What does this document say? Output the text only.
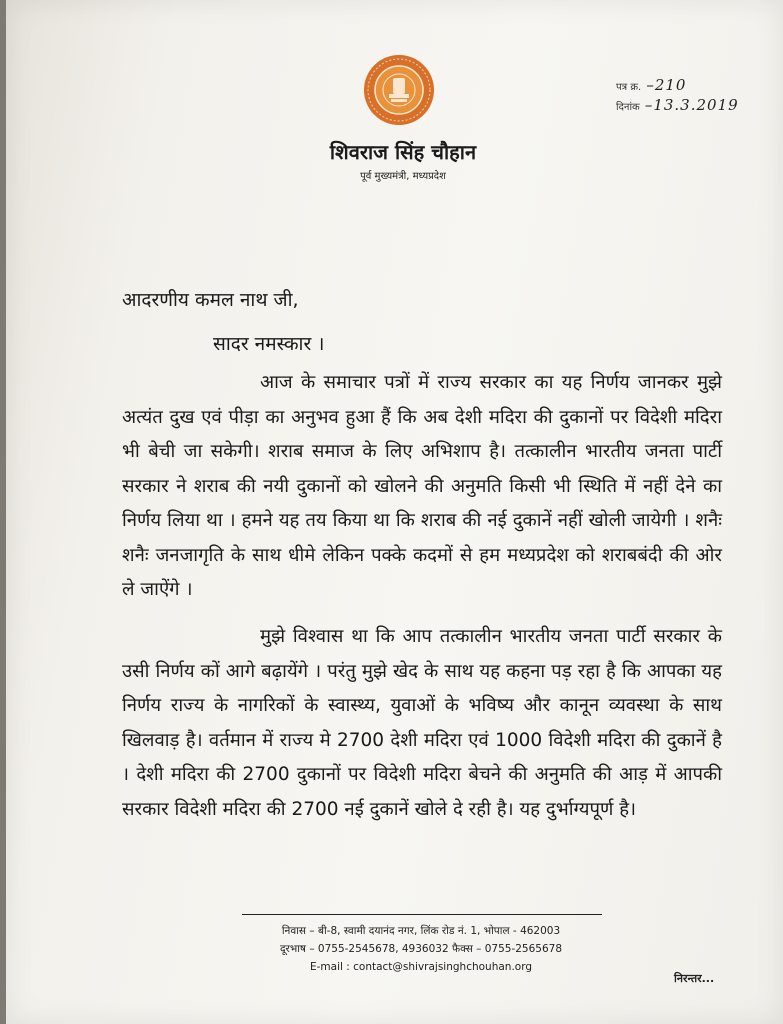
पत्र क्र. –210
दिनांक –13.3.2019
शिवराज सिंह चौहान
पूर्व मुख्यमंत्री, मध्यप्रदेश
आदरणीय कमल नाथ जी,
सादर नमस्कार ।

आज के समाचार पत्रों में राज्य सरकार का यह निर्णय जानकर मुझे अत्यंत दुख एवं पीड़ा का अनुभव हुआ हैं कि अब देशी मदिरा की दुकानों पर विदेशी मदिरा भी बेची जा सकेगी। शराब समाज के लिए अभिशाप है। तत्कालीन भारतीय जनता पार्टी सरकार ने शराब की नयी दुकानों को खोलने की अनुमति किसी भी स्थिति में नहीं देने का निर्णय लिया था । हमने यह तय किया था कि शराब की नई दुकानें नहीं खोली जायेगी । शनैः शनैः जनजागृति के साथ धीमे लेकिन पक्के कदमों से हम मध्यप्रदेश को शराबबंदी की ओर ले जाऐंगे ।

मुझे विश्वास था कि आप तत्कालीन भारतीय जनता पार्टी सरकार के उसी निर्णय कों आगे बढ़ायेंगे । परंतु मुझे खेद के साथ यह कहना पड़ रहा है कि आपका यह निर्णय राज्य के नागरिकों के स्वास्थ्य, युवाओं के भविष्य और कानून व्यवस्था के साथ खिलवाड़ है। वर्तमान में राज्य मे 2700 देशी मदिरा एवं 1000 विदेशी मदिरा की दुकानें है । देशी मदिरा की 2700 दुकानों पर विदेशी मदिरा बेचने की अनुमति की आड़ में आपकी सरकार विदेशी मदिरा की 2700 नई दुकानें खोले दे रही है। यह दुर्भाग्यपूर्ण है।

निवास – बी-8, स्वामी दयानंद नगर, लिंक रोड नं. 1, भोपाल - 462003
दूरभाष – 0755-2545678, 4936032 फैक्स – 0755-2565678
E-mail : contact@shivrajsinghchouhan.org
निरन्तर...
